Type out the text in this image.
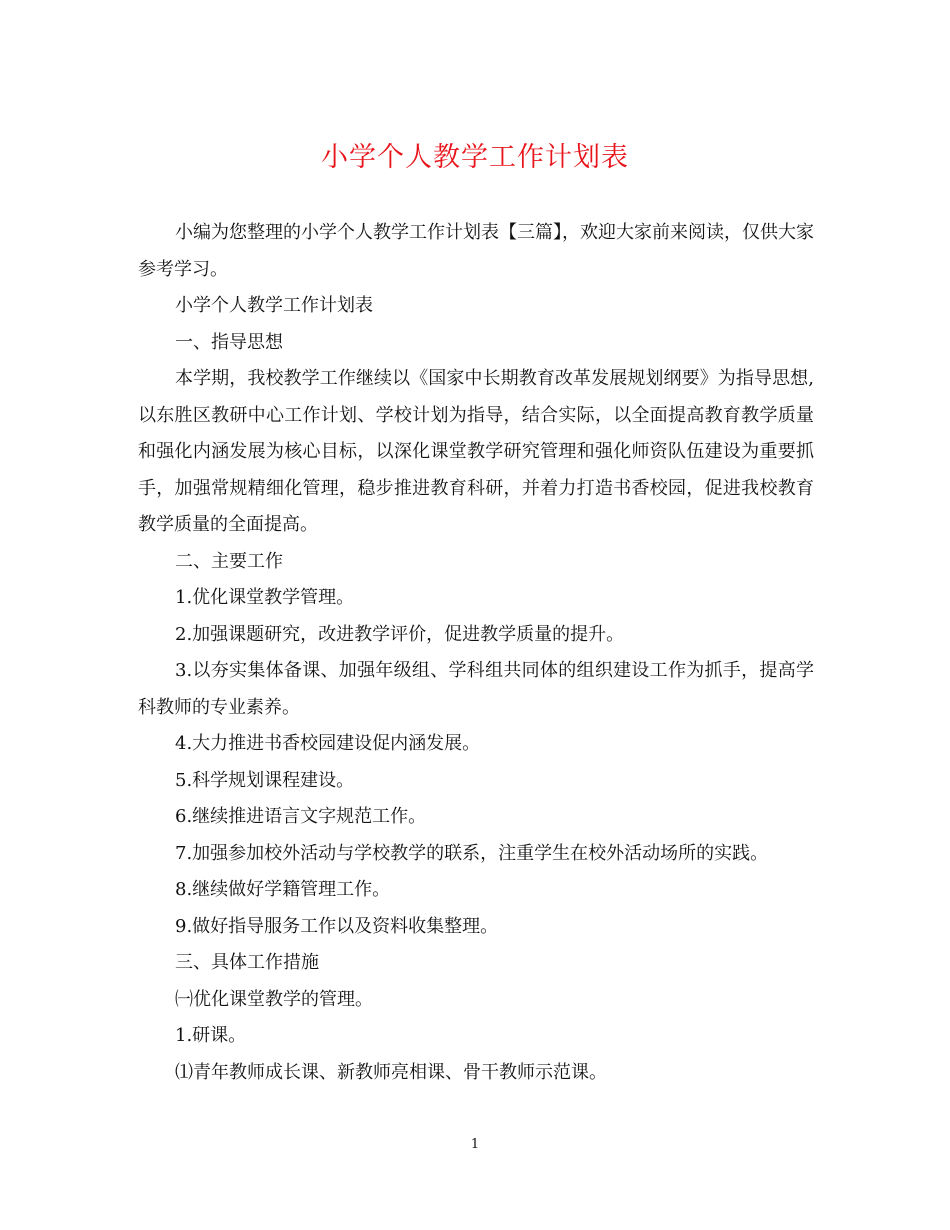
小学个人教学工作计划表

小编为您整理的小学个人教学工作计划表【三篇】，欢迎大家前来阅读，仅供大家参考学习。

小学个人教学工作计划表

一、指导思想

本学期，我校教学工作继续以《国家中长期教育改革发展规划纲要》为指导思想,以东胜区教研中心工作计划、学校计划为指导，结合实际，以全面提高教育教学质量和强化内涵发展为核心目标，以深化课堂教学研究管理和强化师资队伍建设为重要抓手，加强常规精细化管理，稳步推进教育科研，并着力打造书香校园，促进我校教育教学质量的全面提高。

二、主要工作

1.优化课堂教学管理。

2.加强课题研究，改进教学评价，促进教学质量的提升。

3.以夯实集体备课、加强年级组、学科组共同体的组织建设工作为抓手，提高学科教师的专业素养。

4.大力推进书香校园建设促内涵发展。

5.科学规划课程建设。

6.继续推进语言文字规范工作。

7.加强参加校外活动与学校教学的联系，注重学生在校外活动场所的实践。

8.继续做好学籍管理工作。

9.做好指导服务工作以及资料收集整理。

三、具体工作措施

㈠优化课堂教学的管理。

1.研课。

⑴青年教师成长课、新教师亮相课、骨干教师示范课。

1
